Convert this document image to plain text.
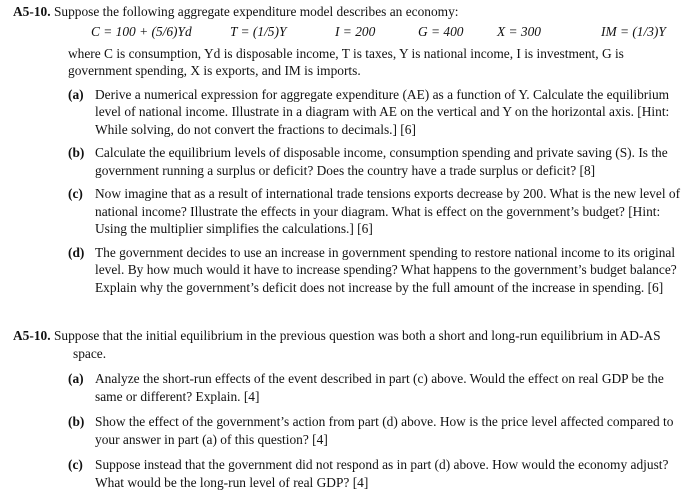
A5-10. Suppose the following aggregate expenditure model describes an economy:
C = 100 + (5/6)Yd	T = (1/5)Y	I = 200	G = 400	X = 300	IM = (1/3)Y
where C is consumption, Yd is disposable income, T is taxes, Y is national income, I is investment, G is government spending, X is exports, and IM is imports.
(a) Derive a numerical expression for aggregate expenditure (AE) as a function of Y. Calculate the equilibrium level of national income. Illustrate in a diagram with AE on the vertical and Y on the horizontal axis. [Hint: While solving, do not convert the fractions to decimals.] [6]
(b) Calculate the equilibrium levels of disposable income, consumption spending and private saving (S). Is the government running a surplus or deficit? Does the country have a trade surplus or deficit? [8]
(c) Now imagine that as a result of international trade tensions exports decrease by 200. What is the new level of national income? Illustrate the effects in your diagram. What is effect on the government’s budget? [Hint: Using the multiplier simplifies the calculations.] [6]
(d) The government decides to use an increase in government spending to restore national income to its original level. By how much would it have to increase spending? What happens to the government’s budget balance? Explain why the government’s deficit does not increase by the full amount of the increase in spending. [6]
A5-10. Suppose that the initial equilibrium in the previous question was both a short and long-run equilibrium in AD-AS space.
(a) Analyze the short-run effects of the event described in part (c) above. Would the effect on real GDP be the same or different? Explain. [4]
(b) Show the effect of the government’s action from part (d) above. How is the price level affected compared to your answer in part (a) of this question? [4]
(c) Suppose instead that the government did not respond as in part (d) above. How would the economy adjust? What would be the long-run level of real GDP? [4]
